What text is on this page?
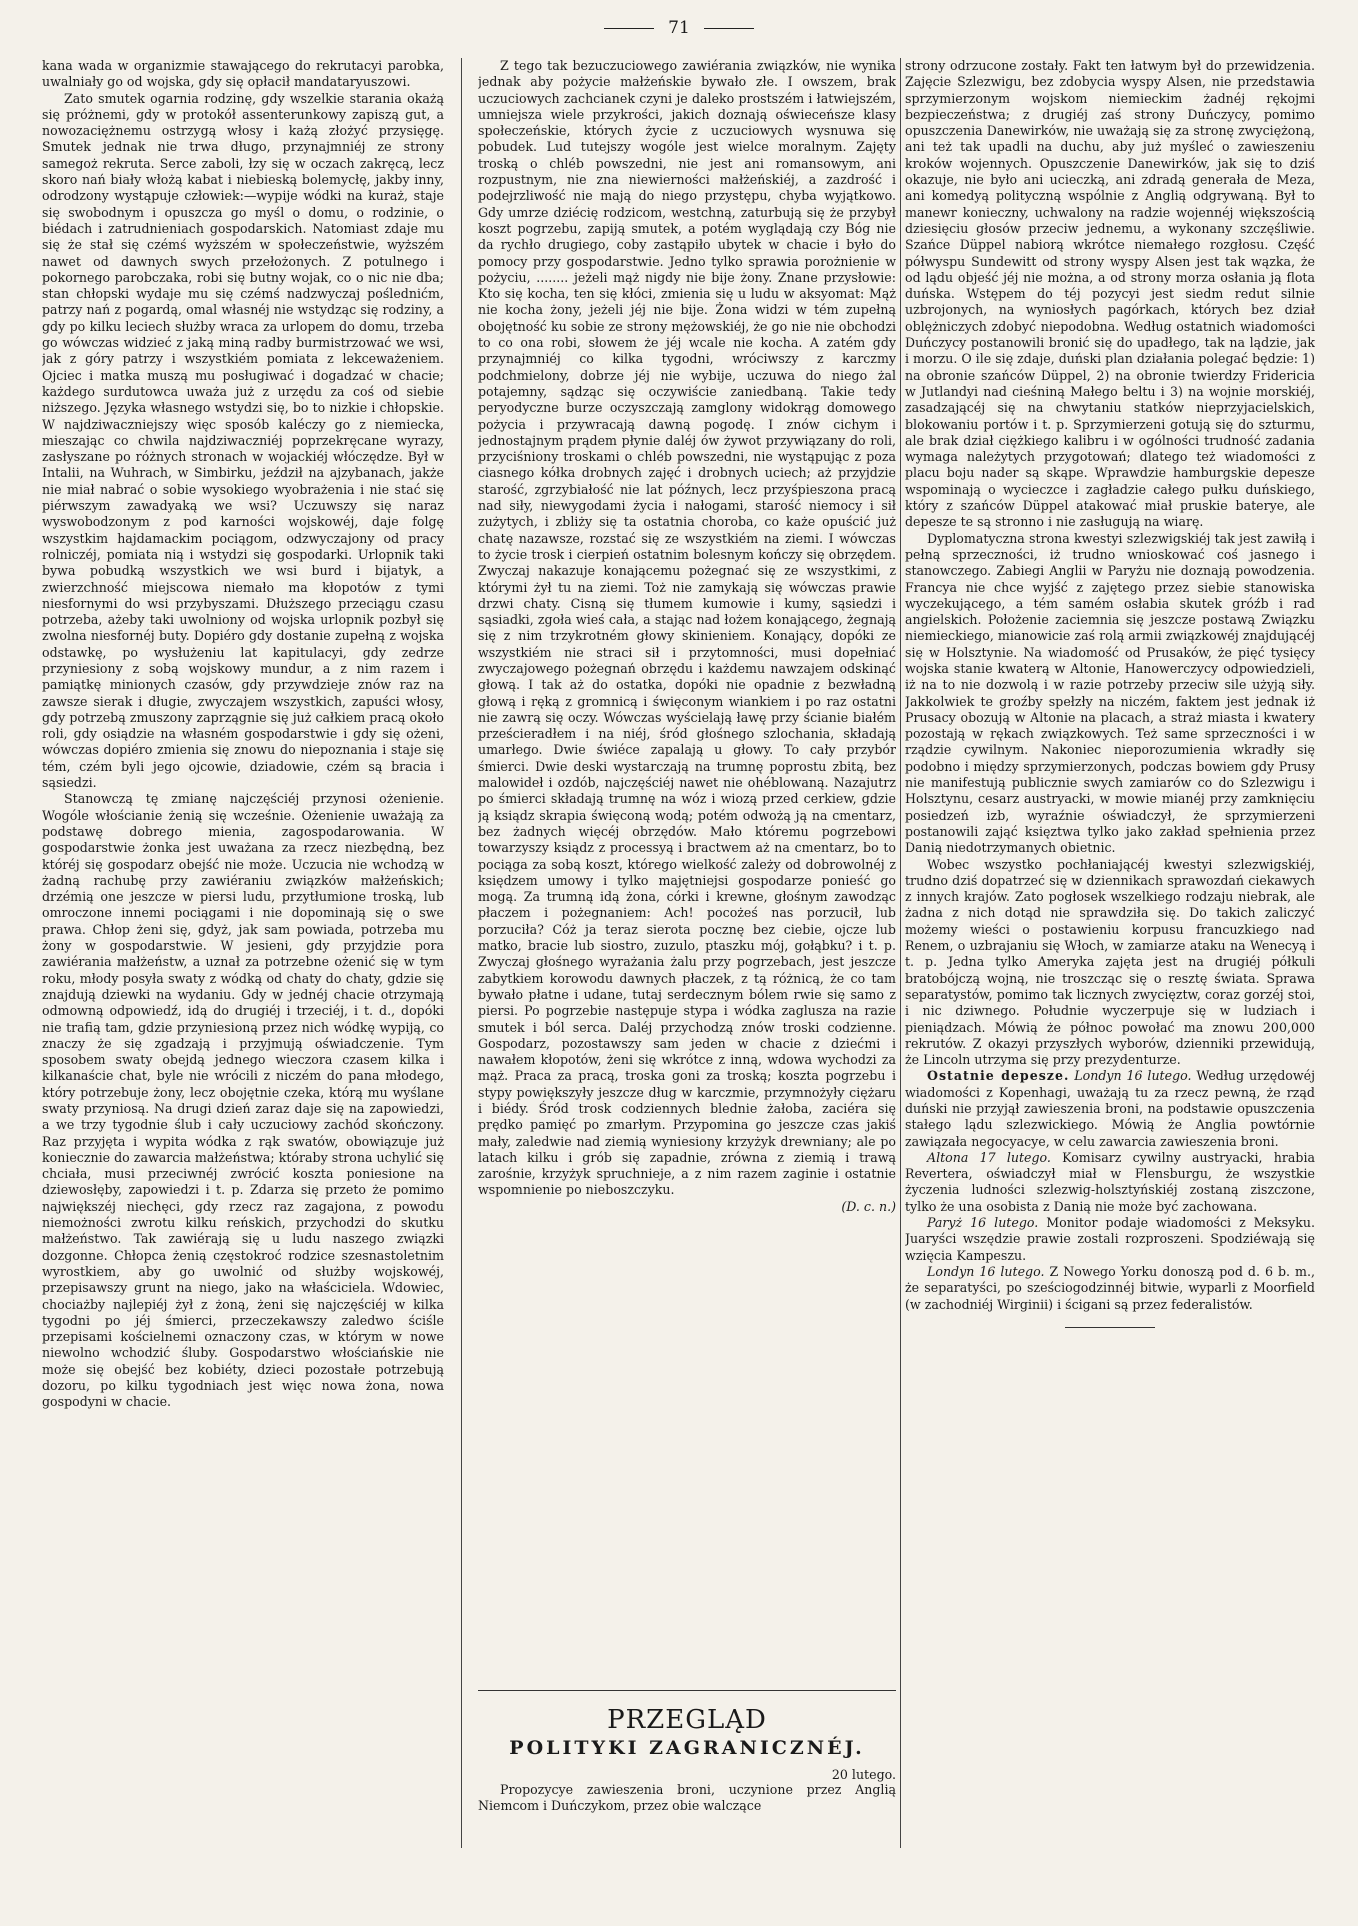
71

kana wada w organizmie stawającego do rekrutacyi parobka, uwalniały go od wojska, gdy się opłacił mandataryuszowi.

Zato smutek ogarnia rodzinę, gdy wszelkie starania okażą się próżnemi, gdy w protokół assenterunkowy zapiszą gut, a nowozaciężnemu ostrzygą włosy i każą złożyć przysięgę. Smutek jednak nie trwa długo, przynajmniéj ze strony samegoż rekruta. Serce zaboli, łzy się w oczach zakręcą, lecz skoro nań biały włożą kabat i niebieską bolemycłę, jakby inny, odrodzony wystąpuje człowiek:—wypije wódki na kuraż, staje się swobodnym i opuszcza go myśl o domu, o rodzinie, o biédach i zatrudnieniach gospodarskich. Natomiast zdaje mu się że stał się czémś wyższém w społeczeństwie, wyższém nawet od dawnych swych przełożonych. Z potulnego i pokornego parobczaka, robi się butny wojak, co o nic nie dba; stan chłopski wydaje mu się czémś nadzwyczaj poślednićm, patrzy nań z pogardą, omal własnéj nie wstydząc się rodziny, a gdy po kilku leciech służby wraca za urlopem do domu, trzeba go wówczas widzieć z jaką miną radby burmistrzować we wsi, jak z góry patrzy i wszystkiém pomiata z lekceważeniem. Ojciec i matka muszą mu posługiwać i dogadzać w chacie; każdego surdutowca uważa już z urzędu za coś od siebie niższego. Języka własnego wstydzi się, bo to nizkie i chłopskie. W najdziwaczniejszy więc sposób kaléczy go z niemiecka, mieszając co chwila najdziwaczniéj poprzekręcane wyrazy, zasłyszane po różnych stronach w wojackiéj włóczędze. Był w Intalii, na Wuhrach, w Simbirku, jeździł na ajzybanach, jakże nie miał nabrać o sobie wysokiego wyobrażenia i nie stać się piérwszym zawadyaką we wsi? Uczuwszy się naraz wyswobodzonym z pod karności wojskowéj, daje folgę wszystkim hajdamackim pociągom, odzwyczajony od pracy rolniczéj, pomiata nią i wstydzi się gospodarki. Urlopnik taki bywa pobudką wszystkich we wsi burd i bijatyk, a zwierzchność miejscowa niemało ma kłopotów z tymi niesfornymi do wsi przybyszami. Dłuższego przeciągu czasu potrzeba, ażeby taki uwolniony od wojska urlopnik pozbył się zwolna niesfornéj buty. Dopiéro gdy dostanie zupełną z wojska odstawkę, po wysłużeniu lat kapitulacyi, gdy zedrze przyniesiony z sobą wojskowy mundur, a z nim razem i pamiątkę minionych czasów, gdy przywdzieje znów raz na zawsze sierak i długie, zwyczajem wszystkich, zapuści włosy, gdy potrzebą zmuszony zaprzągnie się już całkiem pracą około roli, gdy osiądzie na własném gospodarstwie i gdy się ożeni, wówczas dopiéro zmienia się znowu do niepoznania i staje się tém, czém byli jego ojcowie, dziadowie, czém są bracia i sąsiedzi.

Stanowczą tę zmianę najczęściéj przynosi ożenienie. Wogóle włościanie żenią się wcześnie. Ożenienie uważają za podstawę dobrego mienia, zagospodarowania. W gospodarstwie żonka jest uważana za rzecz niezbędną, bez któréj się gospodarz obejść nie może. Uczucia nie wchodzą w żadną rachubę przy zawiéraniu związków małżeńskich; drzémią one jeszcze w piersi ludu, przytłumione troską, lub omroczone innemi pociągami i nie dopominają się o swe prawa. Chłop żeni się, gdyż, jak sam powiada, potrzeba mu żony w gospodarstwie. W jesieni, gdy przyjdzie pora zawiérania małżeństw, a uznał za potrzebne ożenić się w tym roku, młody posyła swaty z wódką od chaty do chaty, gdzie się znajdują dziewki na wydaniu. Gdy w jednéj chacie otrzymają odmowną odpowiedź, idą do drugiéj i trzeciéj, i t. d., dopóki nie trafią tam, gdzie przyniesioną przez nich wódkę wypiją, co znaczy że się zgadzają i przyjmują oświadczenie. Tym sposobem swaty obejdą jednego wieczora czasem kilka i kilkanaście chat, byle nie wrócili z niczém do pana młodego, który potrzebuje żony, lecz obojętnie czeka, którą mu wyślane swaty przyniosą. Na drugi dzień zaraz daje się na zapowiedzi, a we trzy tygodnie ślub i cały uczuciowy zachód skończony. Raz przyjęta i wypita wódka z rąk swatów, obowiązuje już koniecznie do zawarcia małżeństwa; któraby strona uchylić się chciała, musi przeciwnéj zwrócić koszta poniesione na dziewosłęby, zapowiedzi i t. p. Zdarza się przeto że pomimo największéj niechęci, gdy rzecz raz zagajona, z powodu niemożności zwrotu kilku reńskich, przychodzi do skutku małżeństwo. Tak zawiérają się u ludu naszego związki dozgonne. Chłopca żenią częstokroć rodzice szesnastoletnim wyrostkiem, aby go uwolnić od służby wojskowéj, przepisawszy grunt na niego, jako na właściciela. Wdowiec, chociażby najlepiéj żył z żoną, żeni się najczęściéj w kilka tygodni po jéj śmierci, przeczekawszy zaledwo ściśle przepisami kościelnemi oznaczony czas, w którym w nowe niewolno wchodzić śluby. Gospodarstwo włościańskie nie może się obejść bez kobiéty, dzieci pozostałe potrzebują dozoru, po kilku tygodniach jest więc nowa żona, nowa gospodyni w chacie.

Z tego tak bezuczuciowego zawiérania związków, nie wynika jednak aby pożycie małżeńskie bywało złe. I owszem, brak uczuciowych zachcianek czyni je daleko prostszém i łatwiejszém, umniejsza wiele przykrości, jakich doznają oświeceńsze klasy społeczeńskie, których życie z uczuciowych wysnuwa się pobudek. Lud tutejszy wogóle jest wielce moralnym. Zajęty troską o chléb powszedni, nie jest ani romansowym, ani rozpustnym, nie zna niewierności małżeńskiéj, a zazdrość i podejrzliwość nie mają do niego przystępu, chyba wyjątkowo. Gdy umrze dziécię rodzicom, westchną, zaturbują się że przybył koszt pogrzebu, zapiją smutek, a potém wyglądają czy Bóg nie da rychło drugiego, coby zastąpiło ubytek w chacie i było do pomocy przy gospodarstwie. Jedno tylko sprawia porożnienie w pożyciu, ........ jeżeli mąż nigdy nie bije żony. Znane przysłowie: Kto się kocha, ten się kłóci, zmienia się u ludu w aksyomat: Mąż nie kocha żony, jeżeli jéj nie bije. Żona widzi w tém zupełną obojętność ku sobie ze strony mężowskiéj, że go nie nie obchodzi to co ona robi, słowem że jéj wcale nie kocha. A zatém gdy przynajmniéj co kilka tygodni, wróciwszy z karczmy podchmielony, dobrze jéj nie wybije, uczuwa do niego żal potajemny, sądząc się oczywiście zaniedbaną. Takie tedy peryodyczne burze oczyszczają zamglony widokrąg domowego pożycia i przywracają dawną pogodę. I znów cichym i jednostajnym prądem płynie daléj ów żywot przywiązany do roli, przyciśniony troskami o chléb powszedni, nie wystąpując z poza ciasnego kółka drobnych zajęć i drobnych uciech; aż przyjdzie starość, zgrzybiałość nie lat późnych, lecz przyśpieszona pracą nad siły, niewygodami życia i nałogami, starość niemocy i sił zużytych, i zbliży się ta ostatnia choroba, co każe opuścić już chatę nazawsze, rozstać się ze wszystkiém na ziemi. I wówczas to życie trosk i cierpień ostatnim bolesnym kończy się obrzędem. Zwyczaj nakazuje konającemu pożegnać się ze wszystkimi, z którymi żył tu na ziemi. Toż nie zamykają się wówczas prawie drzwi chaty. Cisną się tłumem kumowie i kumy, sąsiedzi i sąsiadki, zgoła wieś cała, a stając nad łożem konającego, żegnają się z nim trzykrotném głowy skinieniem. Konający, dopóki ze wszystkiém nie straci sił i przytomności, musi dopełniać zwyczajowego pożegnań obrzędu i każdemu nawzajem odskinąć głową. I tak aż do ostatka, dopóki nie opadnie z bezwładną głową i ręką z gromnicą i święconym wiankiem i po raz ostatni nie zawrą się oczy. Wówczas wyścielają ławę przy ścianie białém prześcieradłem i na niéj, śród głośnego szlochania, składają umarłego. Dwie świéce zapalają u głowy. To cały przybór śmierci. Dwie deski wystarczają na trumnę poprostu zbitą, bez malowideł i ozdób, najczęściéj nawet nie ohéblowaną. Nazajutrz po śmierci składają trumnę na wóz i wiozą przed cerkiew, gdzie ją ksiądz skrapia święconą wodą; potém odwożą ją na cmentarz, bez żadnych więcéj obrzędów. Mało któremu pogrzebowi towarzyszy ksiądz z processyą i bractwem aż na cmentarz, bo to pociąga za sobą koszt, którego wielkość zależy od dobrowolnéj z księdzem umowy i tylko majętniejsi gospodarze ponieść go mogą. Za trumną idą żona, córki i krewne, głośnym zawodząc płaczem i pożegnaniem: Ach! pocożeś nas porzucił, lub porzuciła? Cóż ja teraz sierota pocznę bez ciebie, ojcze lub matko, bracie lub siostro, zuzulo, ptaszku mój, gołąbku? i t. p. Zwyczaj głośnego wyrażania żalu przy pogrzebach, jest jeszcze zabytkiem korowodu dawnych płaczek, z tą różnicą, że co tam bywało płatne i udane, tutaj serdecznym bólem rwie się samo z piersi. Po pogrzebie następuje stypa i wódka zaglusza na razie smutek i ból serca. Daléj przychodzą znów troski codzienne. Gospodarz, pozostawszy sam jeden w chacie z dziećmi i nawałem kłopotów, żeni się wkrótce z inną, wdowa wychodzi za mąż. Praca za pracą, troska goni za troską; koszta pogrzebu i stypy powiększyły jeszcze dług w karczmie, przymnożyły ciężaru i biédy. Śród trosk codziennych blednie żałoba, zaciéra się prędko pamięć po zmarłym. Przypomina go jeszcze czas jakiś mały, zaledwie nad ziemią wyniesiony krzyżyk drewniany; ale po latach kilku i grób się zapadnie, zrówna z ziemią i trawą zarośnie, krzyżyk spruchnieje, a z nim razem zaginie i ostatnie wspomnienie po nieboszczyku.

(D. c. n.)
PRZEGLĄD
POLITYKI ZAGRANICZNÉJ.
20 lutego.

Propozycye zawieszenia broni, uczynione przez Anglią Niemcom i Duńczykom, przez obie walczące

strony odrzucone zostały. Fakt ten łatwym był do przewidzenia. Zajęcie Szlezwigu, bez zdobycia wyspy Alsen, nie przedstawia sprzymierzonym wojskom niemieckim żadnéj rękojmi bezpieczeństwa; z drugiéj zaś strony Duńczycy, pomimo opuszczenia Danewirków, nie uważają się za stronę zwyciężoną, ani też tak upadli na duchu, aby już myśleć o zawieszeniu kroków wojennych. Opuszczenie Danewirków, jak się to dziś okazuje, nie było ani ucieczką, ani zdradą generała de Meza, ani komedyą polityczną wspólnie z Anglią odgrywaną. Był to manewr konieczny, uchwalony na radzie wojennéj większością dziesięciu głosów przeciw jednemu, a wykonany szczęśliwie. Szańce Düppel nabiorą wkrótce niemałego rozgłosu. Część półwyspu Sundewitt od strony wyspy Alsen jest tak wązka, że od lądu objeść jéj nie można, a od strony morza osłania ją flota duńska. Wstępem do téj pozycyi jest siedm redut silnie uzbrojonych, na wyniosłych pagórkach, których bez dział oblężniczych zdobyć niepodobna. Według ostatnich wiadomości Duńczycy postanowili bronić się do upadłego, tak na lądzie, jak i morzu. O ile się zdaje, duński plan działania polegać będzie: 1) na obronie szańców Düppel, 2) na obronie twierdzy Fridericia w Jutlandyi nad cieśniną Małego beltu i 3) na wojnie morskiéj, zasadzającéj się na chwytaniu statków nieprzyjacielskich, blokowaniu portów i t. p. Sprzymierzeni gotują się do szturmu, ale brak dział ciężkiego kalibru i w ogólności trudność zadania wymaga należytych przygotowań; dlatego też wiadomości z placu boju nader są skąpe. Wprawdzie hamburgskie depesze wspominają o wycieczce i zagładzie całego pułku duńskiego, który z szańców Düppel atakować miał pruskie baterye, ale depesze te są stronno i nie zasługują na wiarę.

Dyplomatyczna strona kwestyi szlezwigskiéj tak jest zawiłą i pełną sprzeczności, iż trudno wnioskować coś jasnego i stanowczego. Zabiegi Anglii w Paryżu nie doznają powodzenia. Francya nie chce wyjść z zajętego przez siebie stanowiska wyczekującego, a tém samém osłabia skutek gróźb i rad angielskich. Położenie zaciemnia się jeszcze postawą Związku niemieckiego, mianowicie zaś rolą armii związkowéj znajdującéj się w Holsztynie. Na wiadomość od Prusaków, że pięć tysięcy wojska stanie kwaterą w Altonie, Hanowerczycy odpowiedzieli, iż na to nie dozwolą i w razie potrzeby przeciw sile użyją siły. Jakkolwiek te groźby spełzły na niczém, faktem jest jednak iż Prusacy obozują w Altonie na placach, a straż miasta i kwatery pozostają w rękach związkowych. Też same sprzeczności i w rządzie cywilnym. Nakoniec nieporozumienia wkradły się podobno i między sprzymierzonych, podczas bowiem gdy Prusy nie manifestują publicznie swych zamiarów co do Szlezwigu i Holsztynu, cesarz austryacki, w mowie mianéj przy zamknięciu posiedzeń izb, wyraźnie oświadczył, że sprzymierzeni postanowili zająć księztwa tylko jako zakład spełnienia przez Danią niedotrzymanych obietnic.

Wobec wszystko pochłaniającéj kwestyi szlezwigskiéj, trudno dziś dopatrzeć się w dziennikach sprawozdań ciekawych z innych krajów. Zato pogłosek wszelkiego rodzaju niebrak, ale żadna z nich dotąd nie sprawdziła się. Do takich zaliczyć możemy wieści o postawieniu korpusu francuzkiego nad Renem, o uzbrajaniu się Włoch, w zamiarze ataku na Wenecyą i t. p. Jedna tylko Ameryka zajęta jest na drugiéj półkuli bratobójczą wojną, nie troszcząc się o resztę świata. Sprawa separatystów, pomimo tak licznych zwycięztw, coraz gorzéj stoi, i nic dziwnego. Południe wyczerpuje się w ludziach i pieniądzach. Mówią że północ powołać ma znowu 200,000 rekrutów. Z okazyi przyszłych wyborów, dzienniki przewidują, że Lincoln utrzyma się przy prezydenturze.

Ostatnie depesze. Londyn 16 lutego. Według urzędowéj wiadomości z Kopenhagi, uważają tu za rzecz pewną, że rząd duński nie przyjął zawieszenia broni, na podstawie opuszczenia stałego lądu szlezwickiego. Mówią że Anglia powtórnie zawiązała negocyacye, w celu zawarcia zawieszenia broni.

Altona 17 lutego. Komisarz cywilny austryacki, hrabia Revertera, oświadczył miał w Flensburgu, że wszystkie życzenia ludności szlezwig-holsztyńskiéj zostaną ziszczone, tylko że una osobista z Danią nie może być zachowana.

Paryż 16 lutego. Monitor podaje wiadomości z Meksyku. Juaryści wszędzie prawie zostali rozproszeni. Spodziéwają się wzięcia Kampeszu.

Londyn 16 lutego. Z Nowego Yorku donoszą pod d. 6 b. m., że separatyści, po sześciogodzinnéj bitwie, wyparli z Moorfield (w zachodniéj Wirginii) i ścigani są przez federalistów.
